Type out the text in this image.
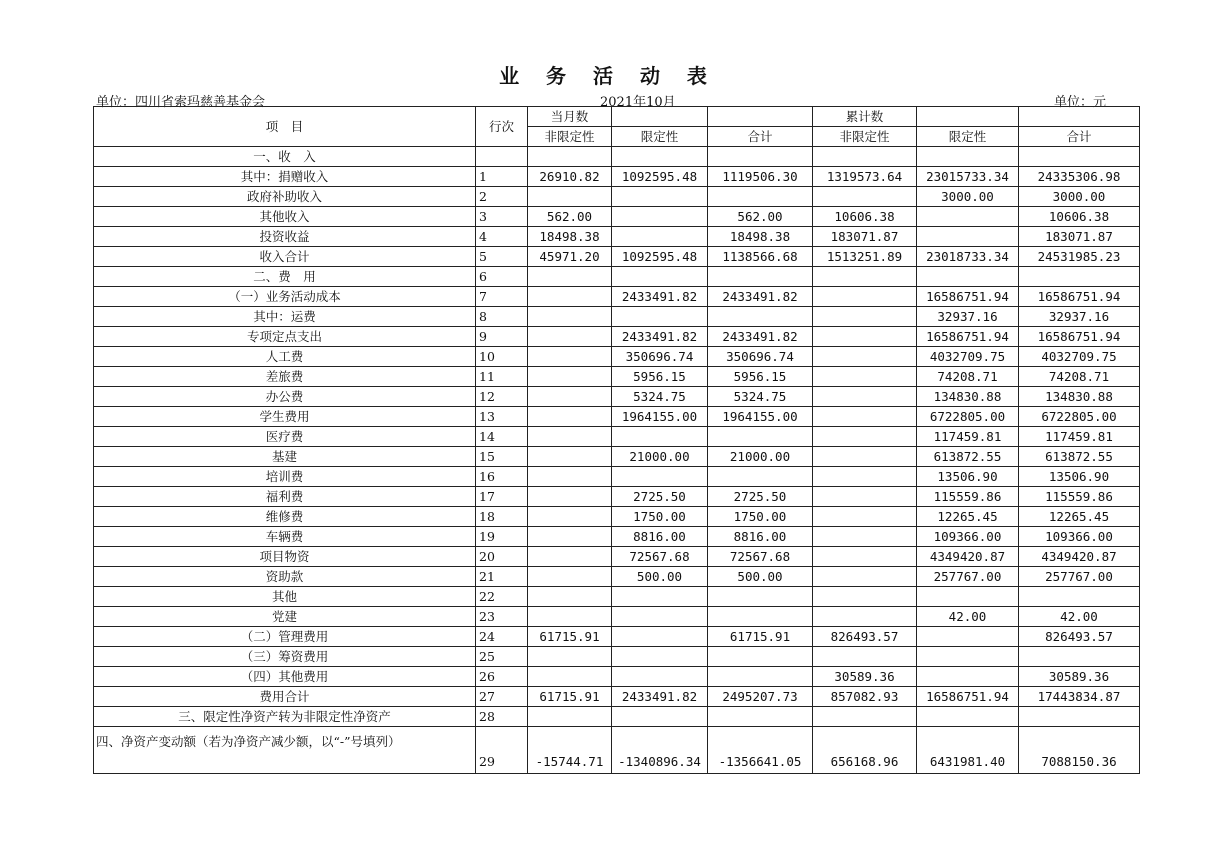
业 务 活 动 表
单位：四川省索玛慈善基金会	2021年10月	单位：元
项　目	行次	当月数			累计数		
		非限定性	限定性	合计	非限定性	限定性	合计
一、收　入							
其中：捐赠收入	1	26910.82	1092595.48	1119506.30	1319573.64	23015733.34	24335306.98
政府补助收入	2					3000.00	3000.00
其他收入	3	562.00		562.00	10606.38		10606.38
投资收益	4	18498.38		18498.38	183071.87		183071.87
收入合计	5	45971.20	1092595.48	1138566.68	1513251.89	23018733.34	24531985.23
二、费　用	6						
（一）业务活动成本	7		2433491.82	2433491.82		16586751.94	16586751.94
其中：运费	8					32937.16	32937.16
专项定点支出	9		2433491.82	2433491.82		16586751.94	16586751.94
人工费	10		350696.74	350696.74		4032709.75	4032709.75
差旅费	11		5956.15	5956.15		74208.71	74208.71
办公费	12		5324.75	5324.75		134830.88	134830.88
学生费用	13		1964155.00	1964155.00		6722805.00	6722805.00
医疗费	14					117459.81	117459.81
基建	15		21000.00	21000.00		613872.55	613872.55
培训费	16					13506.90	13506.90
福利费	17		2725.50	2725.50		115559.86	115559.86
维修费	18		1750.00	1750.00		12265.45	12265.45
车辆费	19		8816.00	8816.00		109366.00	109366.00
项目物资	20		72567.68	72567.68		4349420.87	4349420.87
资助款	21		500.00	500.00		257767.00	257767.00
其他	22						
党建	23					42.00	42.00
（二）管理费用	24	61715.91		61715.91	826493.57		826493.57
（三）筹资费用	25						
（四）其他费用	26				30589.36		30589.36
费用合计	27	61715.91	2433491.82	2495207.73	857082.93	16586751.94	17443834.87
三、限定性净资产转为非限定性净资产	28						
四、净资产变动额（若为净资产减少额，以“-”号填列）	29	-15744.71	-1340896.34	-1356641.05	656168.96	6431981.40	7088150.36
